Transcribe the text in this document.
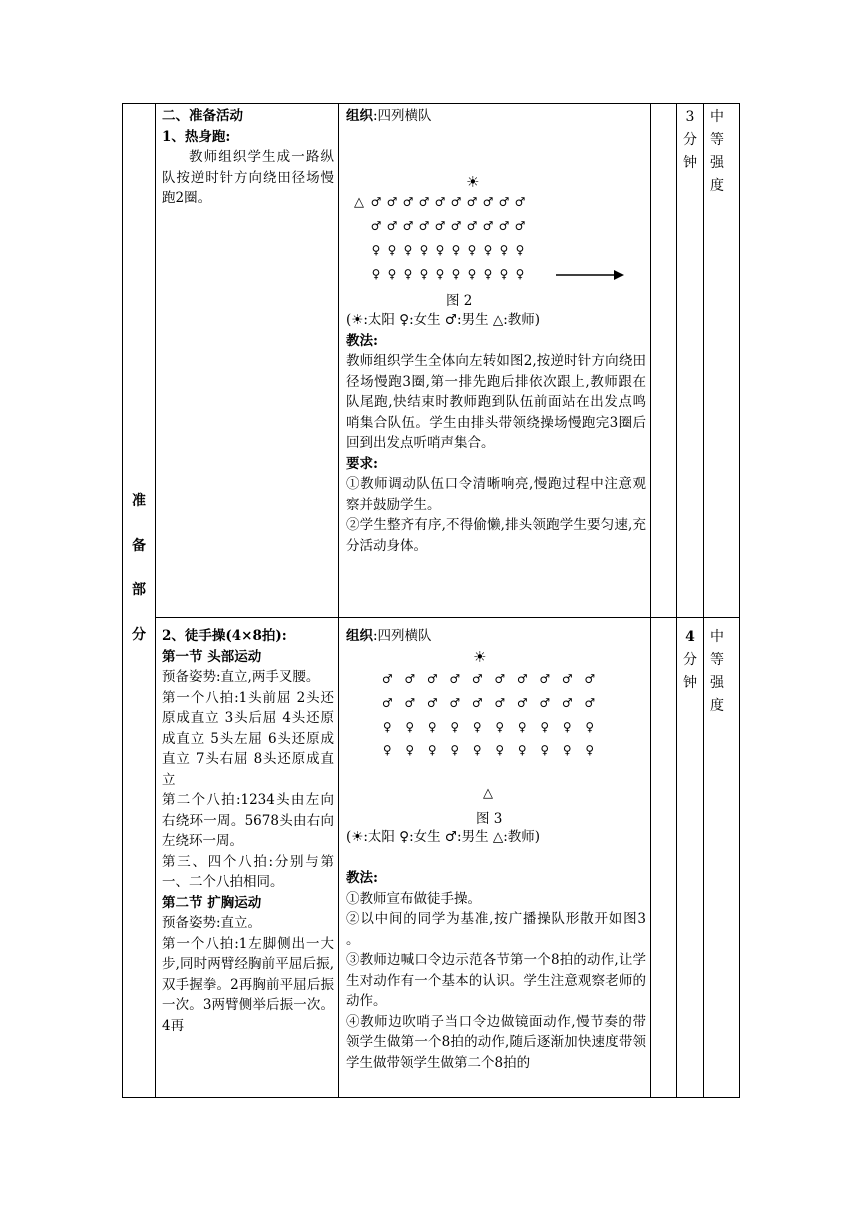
准
备
部
分

二、准备活动

1、热身跑:

教师组织学生成一路纵队按逆时针方向绕田径场慢跑2圈。

组织:四列横队

☀
△ ♂ ♂ ♂ ♂ ♂ ♂ ♂ ♂ ♂ ♂
♂ ♂ ♂ ♂ ♂ ♂ ♂ ♂ ♂ ♂
♀ ♀ ♀ ♀ ♀ ♀ ♀ ♀ ♀ ♀
♀ ♀ ♀ ♀ ♀ ♀ ♀ ♀ ♀ ♀
图 2

(☀:太阳 ♀:女生 ♂:男生 △:教师)

教法:

教师组织学生全体向左转如图2,按逆时针方向绕田径场慢跑3圈,第一排先跑后排依次跟上,教师跟在队尾跑,快结束时教师跑到队伍前面站在出发点鸣哨集合队伍。学生由排头带领绕操场慢跑完3圈后回到出发点听哨声集合。

要求:

①教师调动队伍口令清晰响亮,慢跑过程中注意观察并鼓励学生。

②学生整齐有序,不得偷懒,排头领跑学生要匀速,充分活动身体。

3
分
钟
中
等
强
度

2、徒手操(4×8拍):

第一节 头部运动

预备姿势:直立,两手叉腰。

第一个八拍:1头前屈 2头还原成直立 3头后屈 4头还原成直立 5头左屈 6头还原成直立 7头右屈 8头还原成直立

第二个八拍:1234头由左向右绕环一周。5678头由右向左绕环一周。

第三、四个八拍:分别与第一、二个八拍相同。

第二节 扩胸运动

预备姿势:直立。

第一个八拍:1左脚侧出一大步,同时两臂经胸前平屈后振,双手握拳。2再胸前平屈后振一次。3两臂侧举后振一次。4再

组织:四列横队

☀
♂ ♂ ♂ ♂ ♂ ♂ ♂ ♂ ♂ ♂
♂ ♂ ♂ ♂ ♂ ♂ ♂ ♂ ♂ ♂
♀ ♀ ♀ ♀ ♀ ♀ ♀ ♀ ♀ ♀
♀ ♀ ♀ ♀ ♀ ♀ ♀ ♀ ♀ ♀
△
图 3

(☀:太阳 ♀:女生 ♂:男生 △:教师)

教法:

①教师宣布做徒手操。

②以中间的同学为基准,按广播操队形散开如图3 。

③教师边喊口令边示范各节第一个8拍的动作,让学生对动作有一个基本的认识。学生注意观察老师的动作。

④教师边吹哨子当口令边做镜面动作,慢节奏的带领学生做第一个8拍的动作,随后逐渐加快速度带领学生做带领学生做第二个8拍的

4
分
钟
中
等
强
度
